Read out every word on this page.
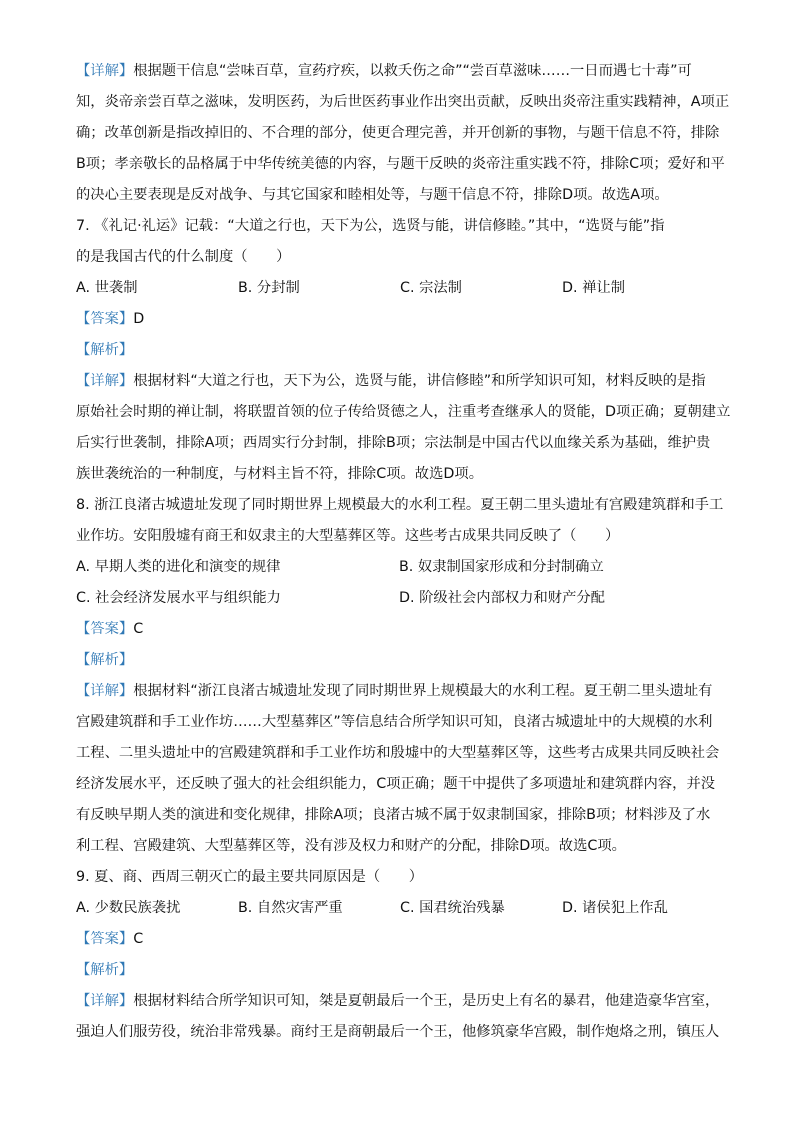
【详解】根据题干信息“尝味百草，宣药疗疾，以救夭伤之命”“尝百草滋味……一日而遇七十毒”可
知，炎帝亲尝百草之滋味，发明医药，为后世医药事业作出突出贡献，反映出炎帝注重实践精神，A项正
确；改革创新是指改掉旧的、不合理的部分，使更合理完善，并开创新的事物，与题干信息不符，排除
B项；孝亲敬长的品格属于中华传统美德的内容，与题干反映的炎帝注重实践不符，排除C项；爱好和平
的决心主要表现是反对战争、与其它国家和睦相处等，与题干信息不符，排除D项。故选A项。
7. 《礼记·礼运》记载：“大道之行也，天下为公，选贤与能，讲信修睦。”其中，“选贤与能”指
的是我国古代的什么制度（　　）
A. 世袭制	B. 分封制	C. 宗法制	D. 禅让制
【答案】D
【解析】
【详解】根据材料“大道之行也，天下为公，选贤与能，讲信修睦”和所学知识可知，材料反映的是指
原始社会时期的禅让制，将联盟首领的位子传给贤德之人，注重考查继承人的贤能，D项正确；夏朝建立
后实行世袭制，排除A项；西周实行分封制，排除B项；宗法制是中国古代以血缘关系为基础，维护贵
族世袭统治的一种制度，与材料主旨不符，排除C项。故选D项。
8. 浙江良渚古城遗址发现了同时期世界上规模最大的水利工程。夏王朝二里头遗址有宫殿建筑群和手工
业作坊。安阳殷墟有商王和奴隶主的大型墓葬区等。这些考古成果共同反映了（　　）
A. 早期人类的进化和演变的规律	B. 奴隶制国家形成和分封制确立
C. 社会经济发展水平与组织能力	D. 阶级社会内部权力和财产分配
【答案】C
【解析】
【详解】根据材料“浙江良渚古城遗址发现了同时期世界上规模最大的水利工程。夏王朝二里头遗址有
宫殿建筑群和手工业作坊……大型墓葬区”等信息结合所学知识可知，良渚古城遗址中的大规模的水利
工程、二里头遗址中的宫殿建筑群和手工业作坊和殷墟中的大型墓葬区等，这些考古成果共同反映社会
经济发展水平，还反映了强大的社会组织能力，C项正确；题干中提供了多项遗址和建筑群内容，并没
有反映早期人类的演进和变化规律，排除A项；良渚古城不属于奴隶制国家，排除B项；材料涉及了水
利工程、宫殿建筑、大型墓葬区等，没有涉及权力和财产的分配，排除D项。故选C项。
9. 夏、商、西周三朝灭亡的最主要共同原因是（　　）
A. 少数民族袭扰	B. 自然灾害严重	C. 国君统治残暴	D. 诸侯犯上作乱
【答案】C
【解析】
【详解】根据材料结合所学知识可知，桀是夏朝最后一个王，是历史上有名的暴君，他建造豪华宫室，
强迫人们服劳役，统治非常残暴。商纣王是商朝最后一个王，他修筑豪华宫殿，制作炮烙之刑，镇压人
